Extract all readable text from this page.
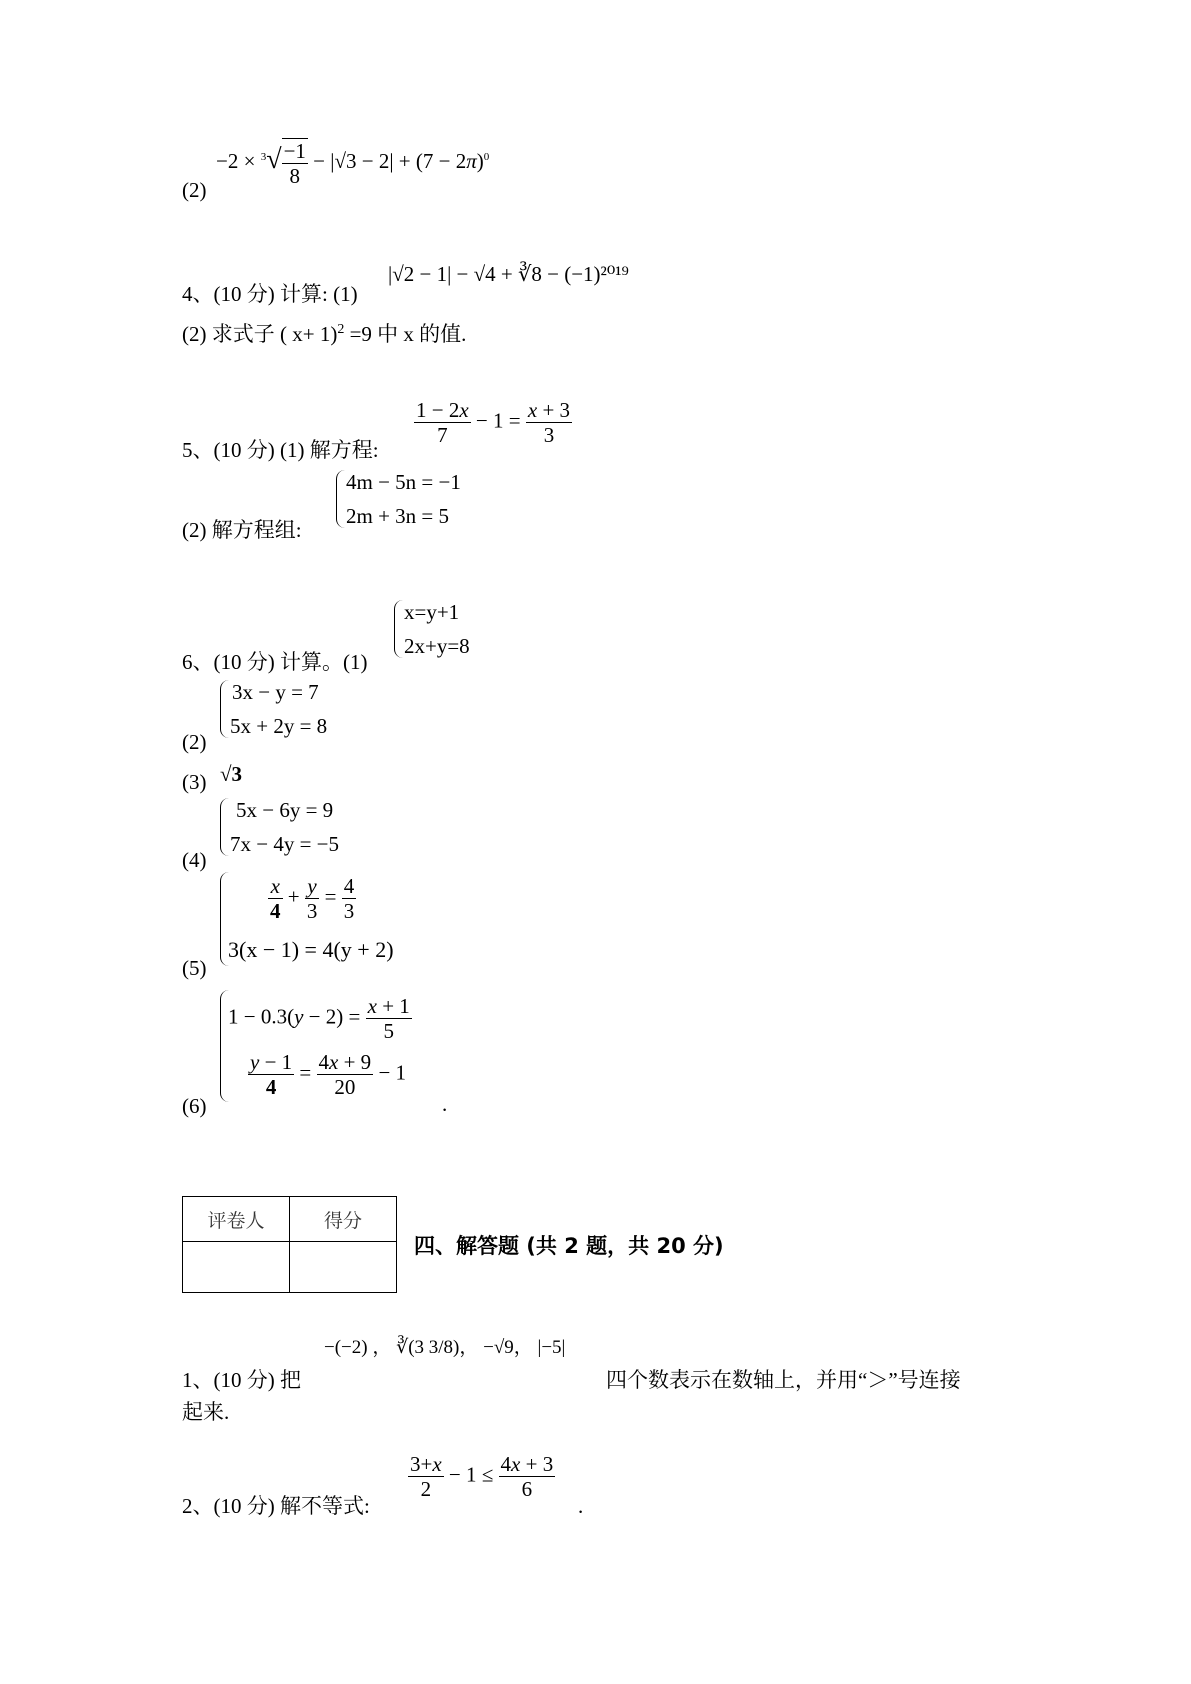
(2)
$-2 \times ^3√ \frac{-1}{8} - |√3 - 2| + (7 - 2\pi)^0$
4、(10 分) 计算: (1)
|√2 − 1| − √4 + ∛8 − (−1)²⁰¹⁹
(2) 求式子 ( x+ 1)$^2$ =9 中 x 的值.
5、(10 分) (1) 解方程:
$\frac{1 - 2x}{7} - 1 = \frac{x + 3}{3}$
(2) 解方程组:
4m − 5n = −1
2m + 3n = 5
6、(10 分) 计算。(1)
x=y+1
2x+y=8
(2)
3x − y = 7
5x + 2y = 8
(3) √3
(4)
5x − 6y = 9
7x − 4y = −5
(5)
$\frac{x}{4} + \frac{y}{3} = \frac{4}{3}$
3(x − 1) = 4(y + 2)
(6)
$1 - 0.3(y - 2) = \frac{x + 1}{5}$
$\frac{y - 1}{4} = \frac{4x + 9}{20} - 1$
.
评卷人	得分

四、解答题 (共 2 题，共 20 分)
1、(10 分) 把
−(−2) ， ∛(3 3/8)， −√9， |−5|
四个数表示在数轴上，并用“＞”号连接
起来.
2、(10 分) 解不等式:
$\frac{3+x}{2} - 1 \le \frac{4x + 3}{6}$
.
